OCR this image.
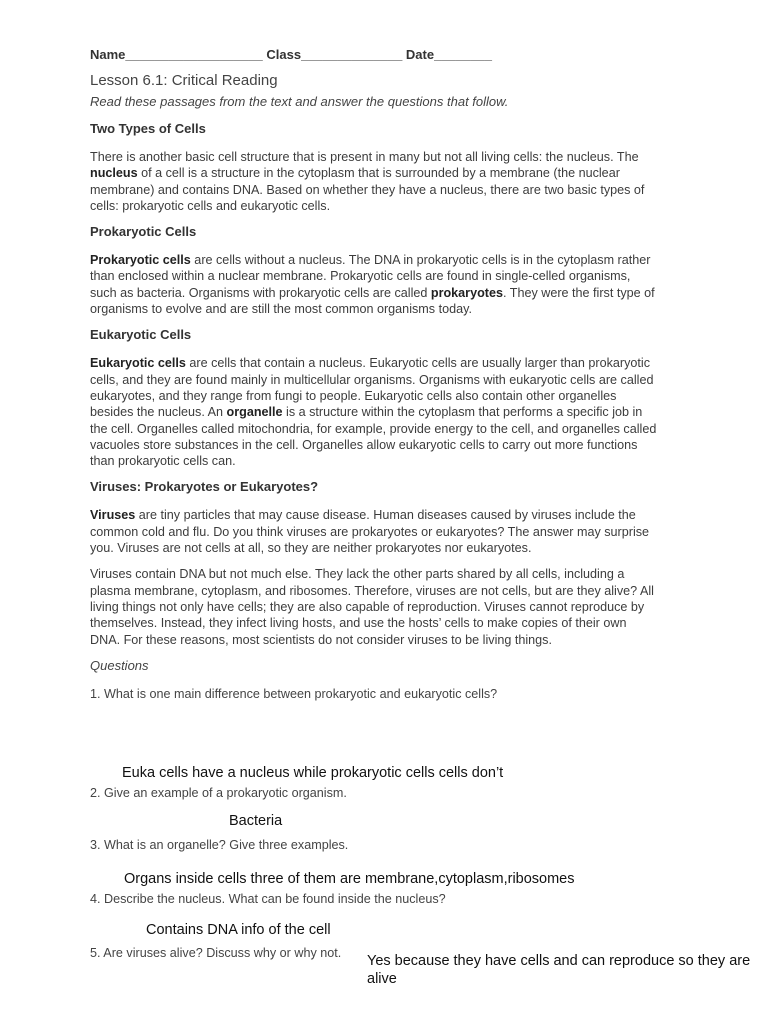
Name___________________ Class______________ Date________
Lesson 6.1: Critical Reading
Read these passages from the text and answer the questions that follow.
Two Types of Cells

There is another basic cell structure that is present in many but not all living cells: the nucleus. The nucleus of a cell is a structure in the cytoplasm that is surrounded by a membrane (the nuclear membrane) and contains DNA. Based on whether they have a nucleus, there are two basic types of cells: prokaryotic cells and eukaryotic cells.

Prokaryotic Cells

Prokaryotic cells are cells without a nucleus. The DNA in prokaryotic cells is in the cytoplasm rather than enclosed within a nuclear membrane. Prokaryotic cells are found in single-celled organisms, such as bacteria. Organisms with prokaryotic cells are called prokaryotes. They were the first type of organisms to evolve and are still the most common organisms today.

Eukaryotic Cells

Eukaryotic cells are cells that contain a nucleus. Eukaryotic cells are usually larger than prokaryotic cells, and they are found mainly in multicellular organisms. Organisms with eukaryotic cells are called eukaryotes, and they range from fungi to people. Eukaryotic cells also contain other organelles besides the nucleus. An organelle is a structure within the cytoplasm that performs a specific job in the cell. Organelles called mitochondria, for example, provide energy to the cell, and organelles called vacuoles store substances in the cell. Organelles allow eukaryotic cells to carry out more functions than prokaryotic cells can.

Viruses: Prokaryotes or Eukaryotes?

Viruses are tiny particles that may cause disease. Human diseases caused by viruses include the common cold and flu. Do you think viruses are prokaryotes or eukaryotes? The answer may surprise you. Viruses are not cells at all, so they are neither prokaryotes nor eukaryotes.

Viruses contain DNA but not much else. They lack the other parts shared by all cells, including a plasma membrane, cytoplasm, and ribosomes. Therefore, viruses are not cells, but are they alive? All living things not only have cells; they are also capable of reproduction. Viruses cannot reproduce by themselves. Instead, they infect living hosts, and use the hosts’ cells to make copies of their own DNA. For these reasons, most scientists do not consider viruses to be living things.

Questions
1. What is one main difference between prokaryotic and eukaryotic cells?
Euka cells have a nucleus while prokaryotic cells cells don’t
2. Give an example of a prokaryotic organism.
Bacteria
3. What is an organelle? Give three examples.
Organs inside cells three of them are membrane,cytoplasm,ribosomes
4. Describe the nucleus. What can be found inside the nucleus?
Contains DNA info of the cell
5. Are viruses alive? Discuss why or why not. Yes because they have cells and can reproduce so they are alive
